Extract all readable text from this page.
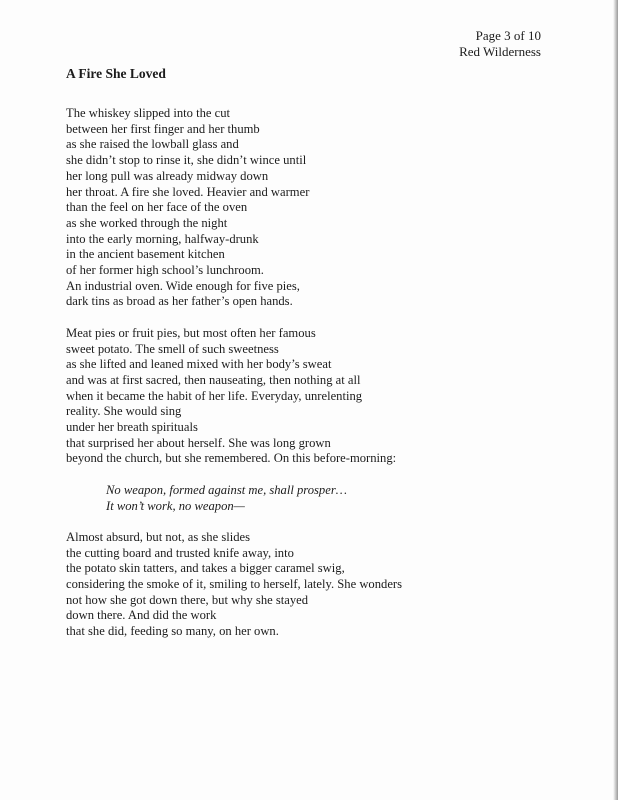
Page 3 of 10
Red Wilderness
A Fire She Loved
The whiskey slipped into the cut
between her first finger and her thumb
as she raised the lowball glass and
she didn’t stop to rinse it, she didn’t wince until
her long pull was already midway down
her throat. A fire she loved. Heavier and warmer
than the feel on her face of the oven
as she worked through the night
into the early morning, halfway-drunk
in the ancient basement kitchen
of her former high school’s lunchroom.
An industrial oven. Wide enough for five pies,
dark tins as broad as her father’s open hands.
Meat pies or fruit pies, but most often her famous
sweet potato. The smell of such sweetness
as she lifted and leaned mixed with her body’s sweat
and was at first sacred, then nauseating, then nothing at all
when it became the habit of her life. Everyday, unrelenting
reality. She would sing
under her breath spirituals
that surprised her about herself. She was long grown
beyond the church, but she remembered. On this before-morning:
No weapon, formed against me, shall prosper…
It won’t work, no weapon—
Almost absurd, but not, as she slides
the cutting board and trusted knife away, into
the potato skin tatters, and takes a bigger caramel swig,
considering the smoke of it, smiling to herself, lately. She wonders
not how she got down there, but why she stayed
down there. And did the work
that she did, feeding so many, on her own.
